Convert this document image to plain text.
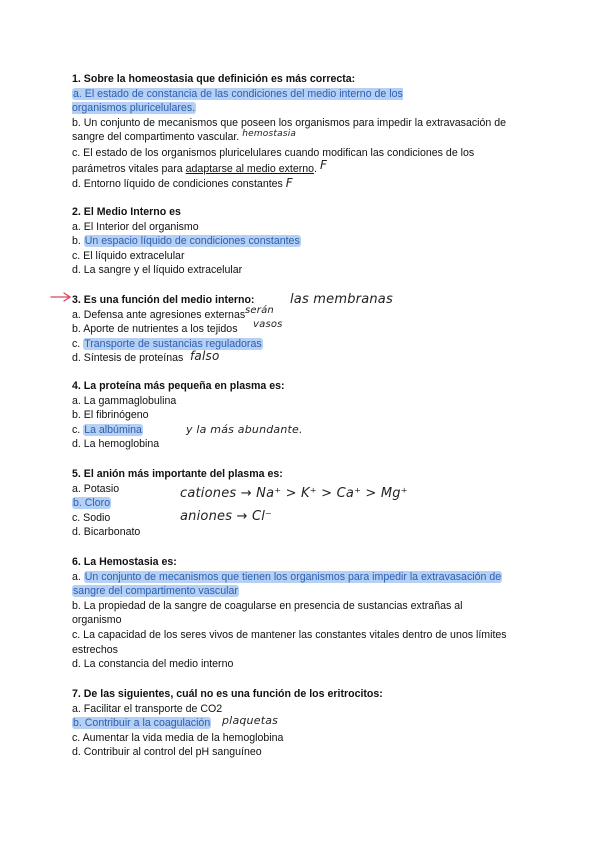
1. Sobre la homeostasia que definición es más correcta:

a. El estado de constancia de las condiciones del medio interno de los organismos pluricelulares.

b. Un conjunto de mecanismos que poseen los organismos para impedir la extravasación de

sangre del compartimento vascular. $^{hemostasia}$

c. El estado de los organismos pluricelulares cuando modifican las condiciones de los

parámetros vitales para adaptarse al medio externo. F

d. Entorno líquido de condiciones constantes F

2. El Medio Interno es

a. El Interior del organismo

b. Un espacio líquido de condiciones constantes

c. El líquido extracelular

d. La sangre y el líquido extracelular

3. Es una función del medio interno:

a. Defensa ante agresiones externas

b. Aporte de nutrientes a los tejidos

c. Transporte de sustancias reguladoras

d. Síntesis de proteínas

las membranas
serán
vasos
falso

4. La proteína más pequeña en plasma es:

a. La gammaglobulina

b. El fibrinógeno

c. La albúmina

d. La hemoglobina

y la más abundante.

5. El anión más importante del plasma es:

a. Potasio

b. Cloro

c. Sodio

d. Bicarbonato

cationes → Na⁺ > K⁺ > Ca⁺ > Mg⁺
aniones → Cl⁻

6. La Hemostasia es:

a. Un conjunto de mecanismos que tienen los organismos para impedir la extravasación de

sangre del compartimento vascular

b. La propiedad de la sangre de coagularse en presencia de sustancias extrañas al

organismo

c. La capacidad de los seres vivos de mantener las constantes vitales dentro de unos límites

estrechos

d. La constancia del medio interno

7. De las siguientes, cuál no es una función de los eritrocitos:

a. Facilitar el transporte de CO2

b. Contribuir a la coagulación

c. Aumentar la vida media de la hemoglobina

d. Contribuir al control del pH sanguíneo

plaquetas
